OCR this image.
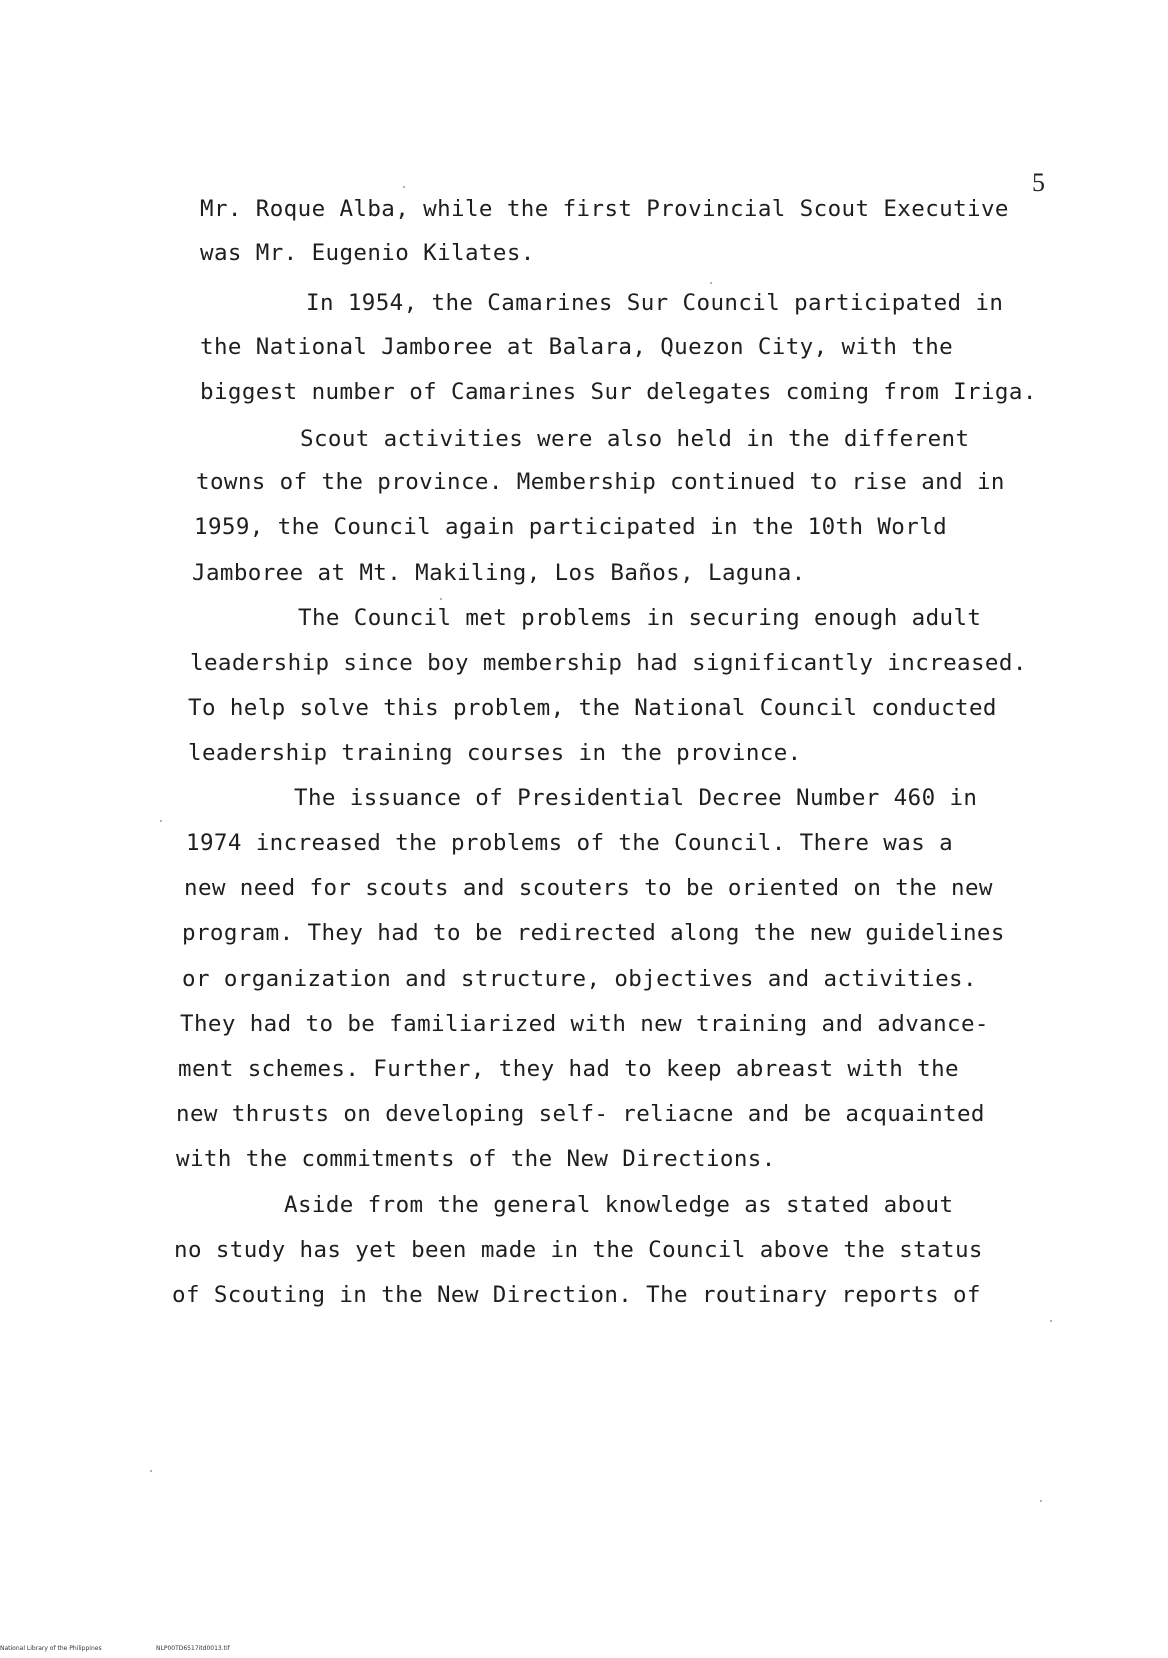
5
Mr. Roque Alba, while the first Provincial Scout Executive
was Mr. Eugenio Kilates.
In 1954, the Camarines Sur Council participated in
the National Jamboree at Balara, Quezon City, with the
biggest number of Camarines Sur delegates coming from Iriga.
Scout activities were also held in the different
towns of the province. Membership continued to rise and in
1959, the Council again participated in the 10th World
Jamboree at Mt. Makiling, Los Baños, Laguna.
The Council met problems in securing enough adult
leadership since boy membership had significantly increased.
To help solve this problem, the National Council conducted
leadership training courses in the province.
The issuance of Presidential Decree Number 460 in
1974 increased the problems of the Council. There was a
new need for scouts and scouters to be oriented on the new
program. They had to be redirected along the new guidelines
or organization and structure, objectives and activities.
They had to be familiarized with new training and advance-
ment schemes. Further, they had to keep abreast with the
new thrusts on developing self- reliacne and be acquainted
with the commitments of the New Directions.
Aside from the general knowledge as stated about
no study has yet been made in the Council above the status
of Scouting in the New Direction. The routinary reports of
National Library of the Philippines	NLP00TD6517itd0013.tif
